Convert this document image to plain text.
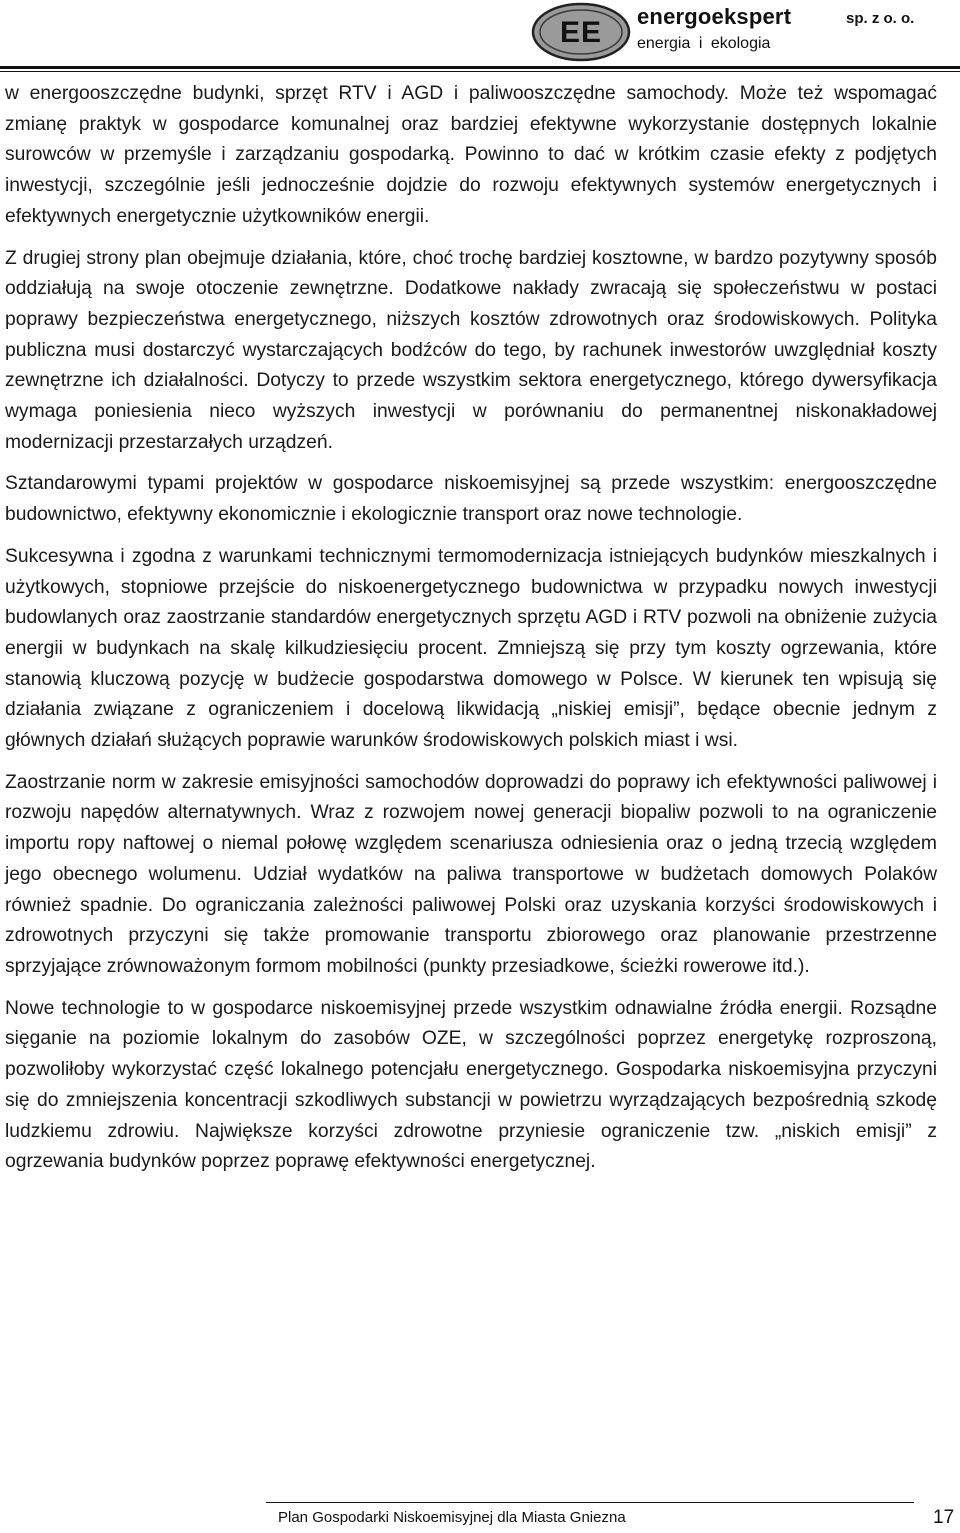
EE energoekspert	sp. z o. o.
energia i ekologia

w energooszczędne budynki, sprzęt RTV i AGD i paliwooszczędne samochody. Może też wspomagać zmianę praktyk w gospodarce komunalnej oraz bardziej efektywne wykorzystanie dostępnych lokalnie surowców w przemyśle i zarządzaniu gospodarką. Powinno to dać w krótkim czasie efekty z podjętych inwestycji, szczególnie jeśli jednocześnie dojdzie do rozwoju efektywnych systemów energetycznych i efektywnych energetycznie użytkowników energii.

Z drugiej strony plan obejmuje działania, które, choć trochę bardziej kosztowne, w bardzo pozytywny sposób oddziałują na swoje otoczenie zewnętrzne. Dodatkowe nakłady zwracają się społeczeństwu w postaci poprawy bezpieczeństwa energetycznego, niższych kosztów zdrowotnych oraz środowiskowych. Polityka publiczna musi dostarczyć wystarczających bodźców do tego, by rachunek inwestorów uwzględniał koszty zewnętrzne ich działalności. Dotyczy to przede wszystkim sektora energetycznego, którego dywersyfikacja wymaga poniesienia nieco wyższych inwestycji w porównaniu do permanentnej niskonakładowej modernizacji przestarzałych urządzeń.

Sztandarowymi typami projektów w gospodarce niskoemisyjnej są przede wszystkim: energooszczędne budownictwo, efektywny ekonomicznie i ekologicznie transport oraz nowe technologie.

Sukcesywna i zgodna z warunkami technicznymi termomodernizacja istniejących budynków mieszkalnych i użytkowych, stopniowe przejście do niskoenergetycznego budownictwa w przypadku nowych inwestycji budowlanych oraz zaostrzanie standardów energetycznych sprzętu AGD i RTV pozwoli na obniżenie zużycia energii w budynkach na skalę kilkudziesięciu procent. Zmniejszą się przy tym koszty ogrzewania, które stanowią kluczową pozycję w budżecie gospodarstwa domowego w Polsce. W kierunek ten wpisują się działania związane z ograniczeniem i docelową likwidacją „niskiej emisji”, będące obecnie jednym z głównych działań służących poprawie warunków środowiskowych polskich miast i wsi.

Zaostrzanie norm w zakresie emisyjności samochodów doprowadzi do poprawy ich efektywności paliwowej i rozwoju napędów alternatywnych. Wraz z rozwojem nowej generacji biopaliw pozwoli to na ograniczenie importu ropy naftowej o niemal połowę względem scenariusza odniesienia oraz o jedną trzecią względem jego obecnego wolumenu. Udział wydatków na paliwa transportowe w budżetach domowych Polaków również spadnie. Do ograniczania zależności paliwowej Polski oraz uzyskania korzyści środowiskowych i zdrowotnych przyczyni się także promowanie transportu zbiorowego oraz planowanie przestrzenne sprzyjające zrównoważonym formom mobilności (punkty przesiadkowe, ścieżki rowerowe itd.).

Nowe technologie to w gospodarce niskoemisyjnej przede wszystkim odnawialne źródła energii. Rozsądne sięganie na poziomie lokalnym do zasobów OZE, w szczególności poprzez energetykę rozproszoną, pozwoliłoby wykorzystać część lokalnego potencjału energetycznego. Gospodarka niskoemisyjna przyczyni się do zmniejszenia koncentracji szkodliwych substancji w powietrzu wyrządzających bezpośrednią szkodę ludzkiemu zdrowiu. Największe korzyści zdrowotne przyniesie ograniczenie tzw. „niskich emisji” z ogrzewania budynków poprzez poprawę efektywności energetycznej.

Plan Gospodarki Niskoemisyjnej dla Miasta Gniezna	17
